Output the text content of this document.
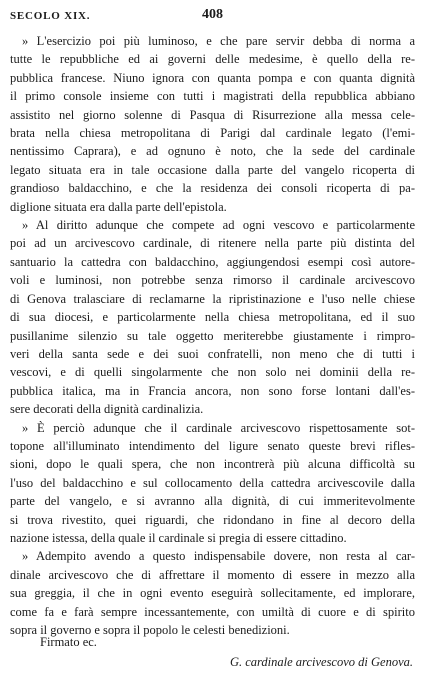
SECOLO XIX.	408

» L'esercizio poi più luminoso, e che pare servir debba di norma a
tutte le repubbliche ed ai governi delle medesime, è quello della re-
pubblica francese. Niuno ignora con quanta pompa e con quanta dignità
il primo console insieme con tutti i magistrati della repubblica abbiano
assistito nel giorno solenne di Pasqua di Risurrezione alla messa cele-
brata nella chiesa metropolitana di Parigi dal cardinale legato (l'emi-
nentissimo Caprara), e ad ognuno è noto, che la sede del cardinale
legato situata era in tale occasione dalla parte del vangelo ricoperta di
grandioso baldacchino, e che la residenza dei consoli ricoperta di pa-
diglione situata era dalla parte dell'epistola.

» Al diritto adunque che compete ad ogni vescovo e particolarmente
poi ad un arcivescovo cardinale, di ritenere nella parte più distinta del
santuario la cattedra con baldacchino, aggiungendosi esempi così autore-
voli e luminosi, non potrebbe senza rimorso il cardinale arcivescovo
di Genova tralasciare di reclamarne la ripristinazione e l'uso nelle chiese
di sua diocesi, e particolarmente nella chiesa metropolitana, ed il suo
pusillanime silenzio su tale oggetto meriterebbe giustamente i rimpro-
veri della santa sede e dei suoi confratelli, non meno che di tutti i
vescovi, e di quelli singolarmente che non solo nei dominii della re-
pubblica italica, ma in Francia ancora, non sono forse lontani dall'es-
sere decorati della dignità cardinalizia.

» È perciò adunque che il cardinale arcivescovo rispettosamente sot-
topone all'illuminato intendimento del ligure senato queste brevi rifles-
sioni, dopo le quali spera, che non incontrerà più alcuna difficoltà su
l'uso del baldacchino e sul collocamento della cattedra arcivescovile dalla
parte del vangelo, e si avranno alla dignità, di cui immeritevolmente
si trova rivestito, quei riguardi, che ridondano in fine al decoro della
nazione istessa, della quale il cardinale si pregia di essere cittadino.

» Adempito avendo a questo indispensabile dovere, non resta al car-
dinale arcivescovo che di affrettare il momento di essere in mezzo alla
sua greggia, il che in ogni evento eseguirà sollecitamente, ed implorare,
come fa e farà sempre incessantemente, con umiltà di cuore e di spirito
sopra il governo e sopra il popolo le celesti benedizioni.

Firmato ec.
G. cardinale arcivescovo di Genova.
